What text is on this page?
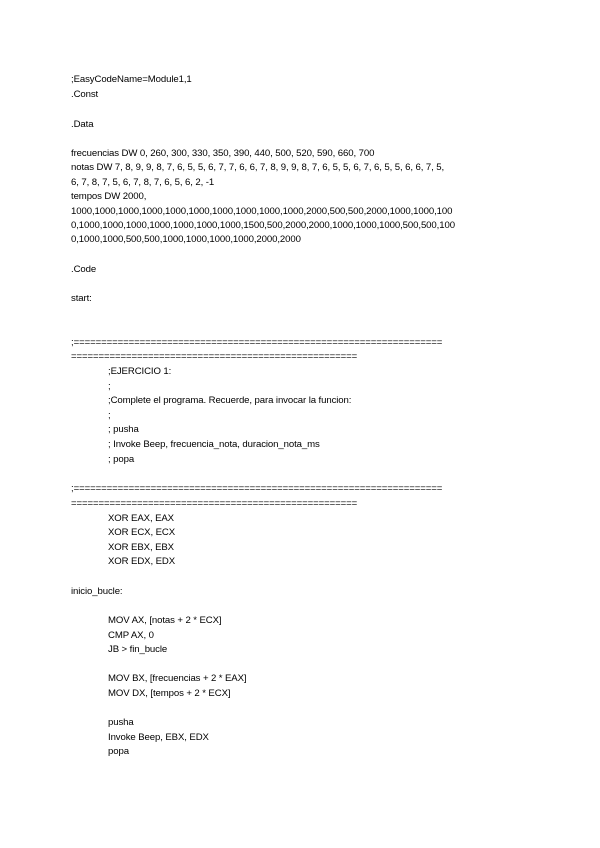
;EasyCodeName=Module1,1
.Const
.Data
frecuencias DW 0, 260, 300, 330, 350, 390, 440, 500, 520, 590, 660, 700
notas DW 7, 8, 9, 9, 8, 7, 6, 5, 5, 6, 7, 7, 6, 6, 7, 8, 9, 9, 8, 7, 6, 5, 5, 6, 7, 6, 5, 5, 6, 6, 7, 5,
6, 7, 8, 7, 5, 6, 7, 8, 7, 6, 5, 6, 2, -1
tempos DW 2000,
1000,1000,1000,1000,1000,1000,1000,1000,1000,1000,2000,500,500,2000,1000,1000,100
0,1000,1000,1000,1000,1000,1000,1000,1500,500,2000,2000,1000,1000,1000,500,500,100
0,1000,1000,500,500,1000,1000,1000,1000,2000,2000
.Code
start:
;===================================================================
====================================================
;EJERCICIO 1:
;
;Complete el programa. Recuerde, para invocar la funcion:
;
; pusha
; Invoke Beep, frecuencia_nota, duracion_nota_ms
; popa
;===================================================================
====================================================
XOR EAX, EAX
XOR ECX, ECX
XOR EBX, EBX
XOR EDX, EDX
inicio_bucle:
MOV AX, [notas + 2 * ECX]
CMP AX, 0
JB > fin_bucle
MOV BX, [frecuencias + 2 * EAX]
MOV DX, [tempos + 2 * ECX]
pusha
Invoke Beep, EBX, EDX
popa
